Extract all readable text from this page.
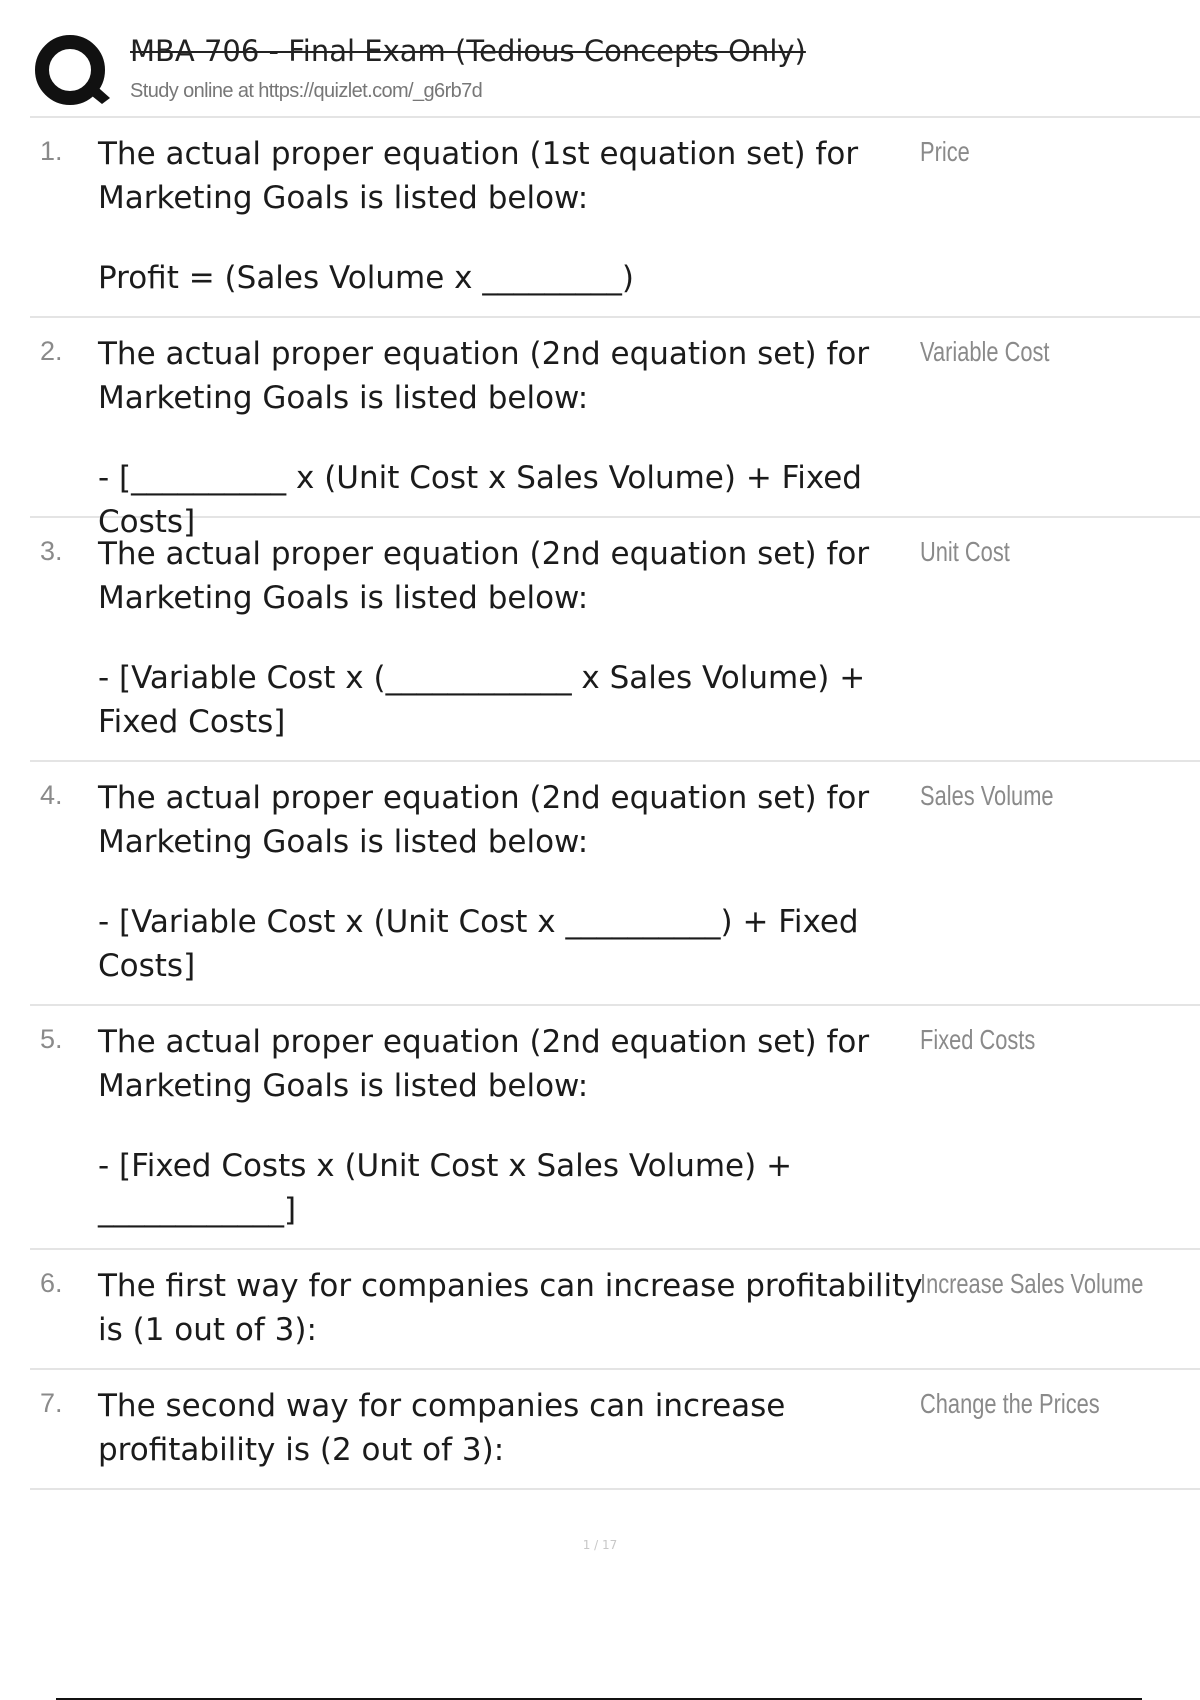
MBA 706 - Final Exam (Tedious Concepts Only)
Study online at https://quizlet.com/_g6rb7d
1. The actual proper equation (1st equation set) for Marketing Goals is listed below:

Profit = (Sales Volume x _________)

Price
2. The actual proper equation (2nd equation set) for Marketing Goals is listed below:

- [__________ x (Unit Cost x Sales Volume) + Fixed Costs]

Variable Cost
3. The actual proper equation (2nd equation set) for Marketing Goals is listed below:

- [Variable Cost x (____________ x Sales Volume) + Fixed Costs]

Unit Cost
4. The actual proper equation (2nd equation set) for Marketing Goals is listed below:

- [Variable Cost x (Unit Cost x __________) + Fixed Costs]

Sales Volume
5. The actual proper equation (2nd equation set) for Marketing Goals is listed below:

- [Fixed Costs x (Unit Cost x Sales Volume) + ____________]

Fixed Costs
6. The first way for companies can increase profitability is (1 out of 3):

Increase Sales Volume
7. The second way for companies can increase profitability is (2 out of 3):

Change the Prices
1 / 17
